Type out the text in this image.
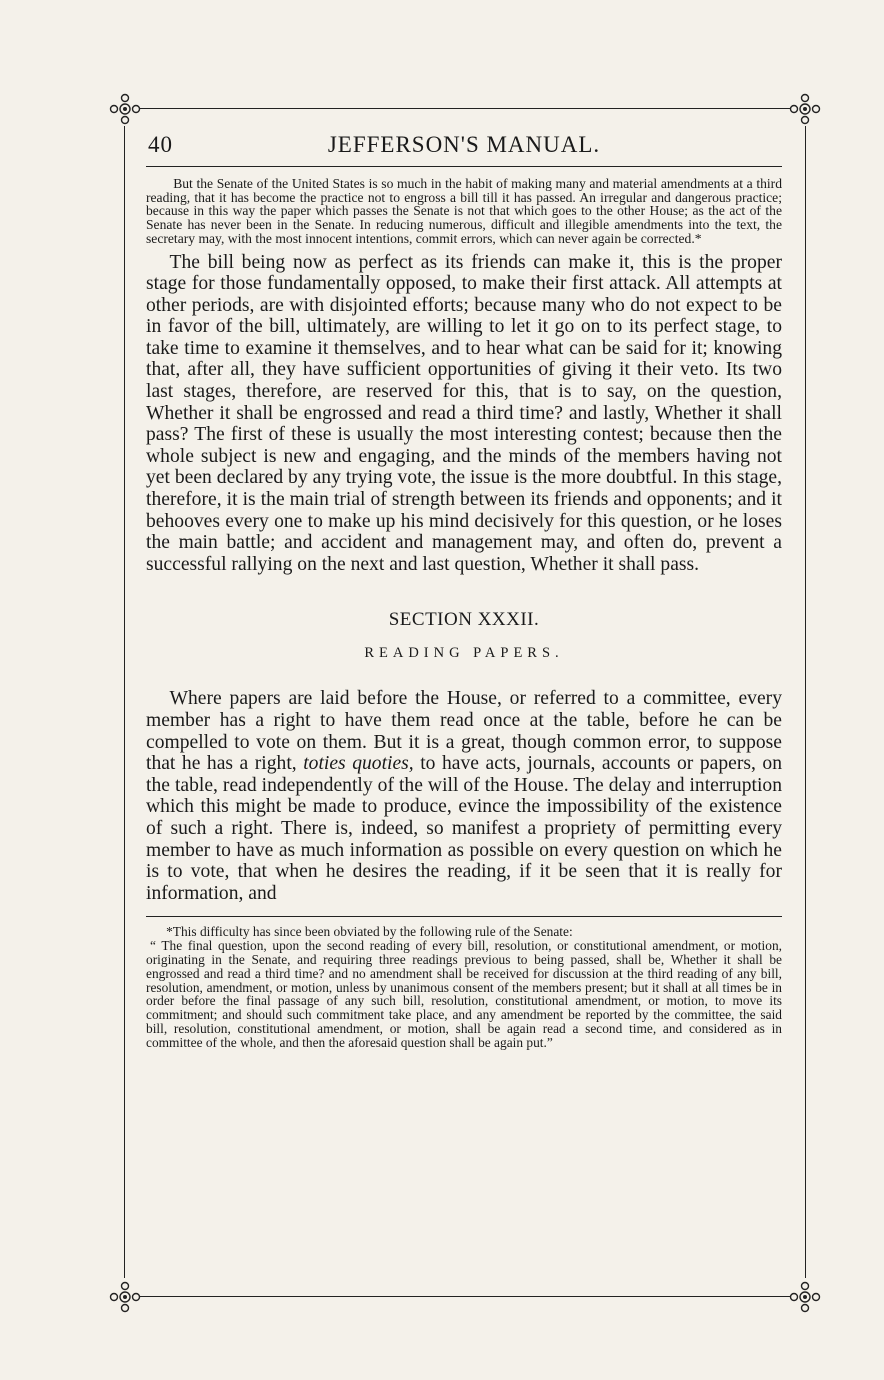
40	JEFFERSON'S MANUAL.

But the Senate of the United States is so much in the habit of making many and material amendments at a third reading, that it has become the practice not to engross a bill till it has passed. An irregular and dangerous practice; because in this way the paper which passes the Senate is not that which goes to the other House; as the act of the Senate has never been in the Senate. In reducing numerous, difficult and illegible amendments into the text, the secretary may, with the most innocent intentions, commit errors, which can never again be corrected.*

The bill being now as perfect as its friends can make it, this is the proper stage for those fundamentally opposed, to make their first attack. All attempts at other periods, are with disjointed efforts; because many who do not expect to be in favor of the bill, ultimately, are willing to let it go on to its perfect stage, to take time to examine it themselves, and to hear what can be said for it; knowing that, after all, they have sufficient opportunities of giving it their veto. Its two last stages, therefore, are reserved for this, that is to say, on the question, Whether it shall be engrossed and read a third time? and lastly, Whether it shall pass? The first of these is usually the most interesting contest; because then the whole subject is new and engaging, and the minds of the members having not yet been declared by any trying vote, the issue is the more doubtful. In this stage, therefore, it is the main trial of strength between its friends and opponents; and it behooves every one to make up his mind decisively for this question, or he loses the main battle; and accident and management may, and often do, prevent a successful rallying on the next and last question, Whether it shall pass.

SECTION XXXII.
READING PAPERS.

Where papers are laid before the House, or referred to a committee, every member has a right to have them read once at the table, before he can be compelled to vote on them. But it is a great, though common error, to suppose that he has a right, toties quoties, to have acts, journals, accounts or papers, on the table, read independently of the will of the House. The delay and interruption which this might be made to produce, evince the impossibility of the existence of such a right. There is, indeed, so manifest a propriety of permitting every member to have as much information as possible on every question on which he is to vote, that when he desires the reading, if it be seen that it is really for information, and

*This difficulty has since been obviated by the following rule of the Senate:

“ The final question, upon the second reading of every bill, resolution, or constitutional amendment, or motion, originating in the Senate, and requiring three readings previous to being passed, shall be, Whether it shall be engrossed and read a third time? and no amendment shall be received for discussion at the third reading of any bill, resolution, amendment, or motion, unless by unanimous consent of the members present; but it shall at all times be in order before the final passage of any such bill, resolution, constitutional amendment, or motion, to move its commitment; and should such commitment take place, and any amendment be reported by the committee, the said bill, resolution, constitutional amendment, or motion, shall be again read a second time, and considered as in committee of the whole, and then the aforesaid question shall be again put.”
